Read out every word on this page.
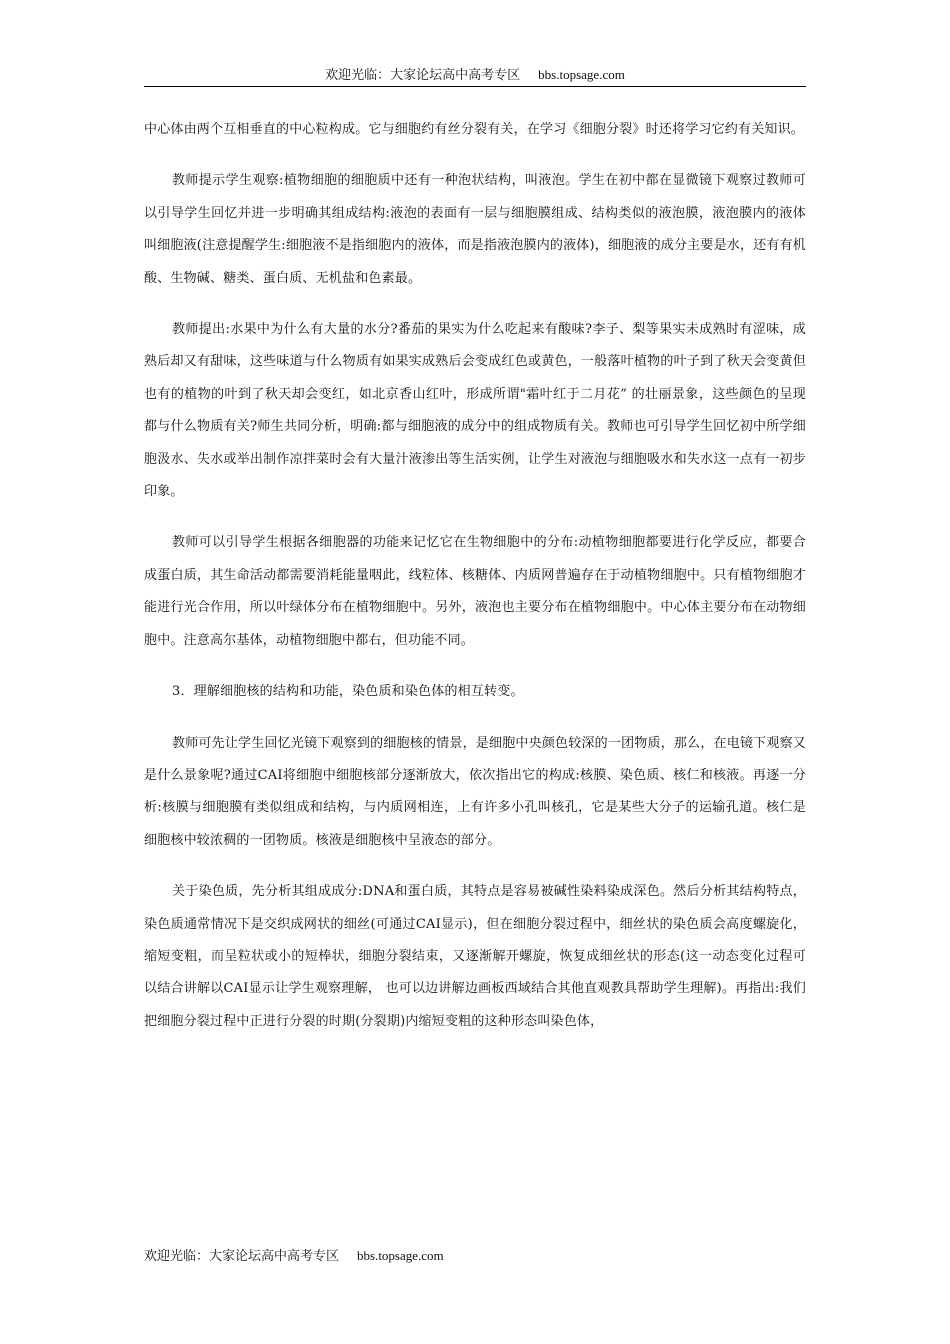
欢迎光临：大家论坛高中高考专区 bbs.topsage.com

中心体由两个互相垂直的中心粒构成。它与细胞约有丝分裂有关，在学习《细胞分裂》时还将学习它约有关知识。

教师提示学生观察:植物细胞的细胞质中还有一种泡状结构，叫液泡。学生在初中都在显微镜下观察过教师可以引导学生回忆并进一步明确其组成结构:液泡的表面有一层与细胞膜组成、结构类似的液泡膜，液泡膜内的液体叫细胞液(注意提醒学生:细胞液不是指细胞内的液体，而是指液泡膜内的液体)，细胞液的成分主要是水，还有有机酸、生物碱、糖类、蛋白质、无机盐和色素最。

教师提出:水果中为什么有大量的水分?番茄的果实为什么吃起来有酸味?李子、梨等果实未成熟时有涩味，成熟后却又有甜味，这些味道与什么物质有如果实成熟后会变成红色或黄色，一般落叶植物的叶子到了秋天会变黄但也有的植物的叶到了秋天却会变红，如北京香山红叶，形成所谓"霜叶红于二月花” 的壮丽景象，这些颜色的呈现都与什么物质有关?师生共同分析，明确:都与细胞液的成分中的组成物质有关。教师也可引导学生回忆初中所学细胞汲水、失水或举出制作凉拌菜时会有大量汁液渗出等生活实例，让学生对液泡与细胞吸水和失水这一点有一初步印象。

教师可以引导学生根据各细胞器的功能来记忆它在生物细胞中的分布:动植物细胞都要进行化学反应，都要合成蛋白质，其生命活动都需要消耗能量咽此，线粒体、核糖体、内质网普遍存在于动植物细胞中。只有植物细胞才能进行光合作用，所以叶绿体分布在植物细胞中。另外，液泡也主要分布在植物细胞中。中心体主要分布在动物细胞中。注意高尔基体，动植物细胞中都右，但功能不同。

3．理解细胞核的结构和功能，染色质和染色体的相互转变。

教师可先让学生回忆光镜下观察到的细胞核的情景，是细胞中央颜色较深的一团物质，那么，在电镜下观察又是什么景象呢?通过CAI将细胞中细胞核部分逐渐放大，依次指出它的构成:核膜、染色质、核仁和核液。再逐一分析:核膜与细胞膜有类似组成和结构，与内质网相连，上有许多小孔叫核孔，它是某些大分子的运输孔道。核仁是细胞核中较浓稠的一团物质。核液是细胞核中呈液态的部分。

关于染色质，先分析其组成成分:DNA和蛋白质，其特点是容易被碱性染料染成深色。然后分析其结构特点，染色质通常情况下是交织成网状的细丝(可通过CAI显示)，但在细胞分裂过程中，细丝状的染色质会高度螺旋化，缩短变粗，而呈粒状或小的短棒状，细胞分裂结束，又逐渐解开螺旋，恢复成细丝状的形态(这一动态变化过程可以结合讲解以CAI显示让学生观察理解， 也可以边讲解边画板西域结合其他直观教具帮助学生理解)。再指出:我们把细胞分裂过程中正进行分裂的时期(分裂期)内缩短变粗的这种形态叫染色体，

欢迎光临：大家论坛高中高考专区 bbs.topsage.com
